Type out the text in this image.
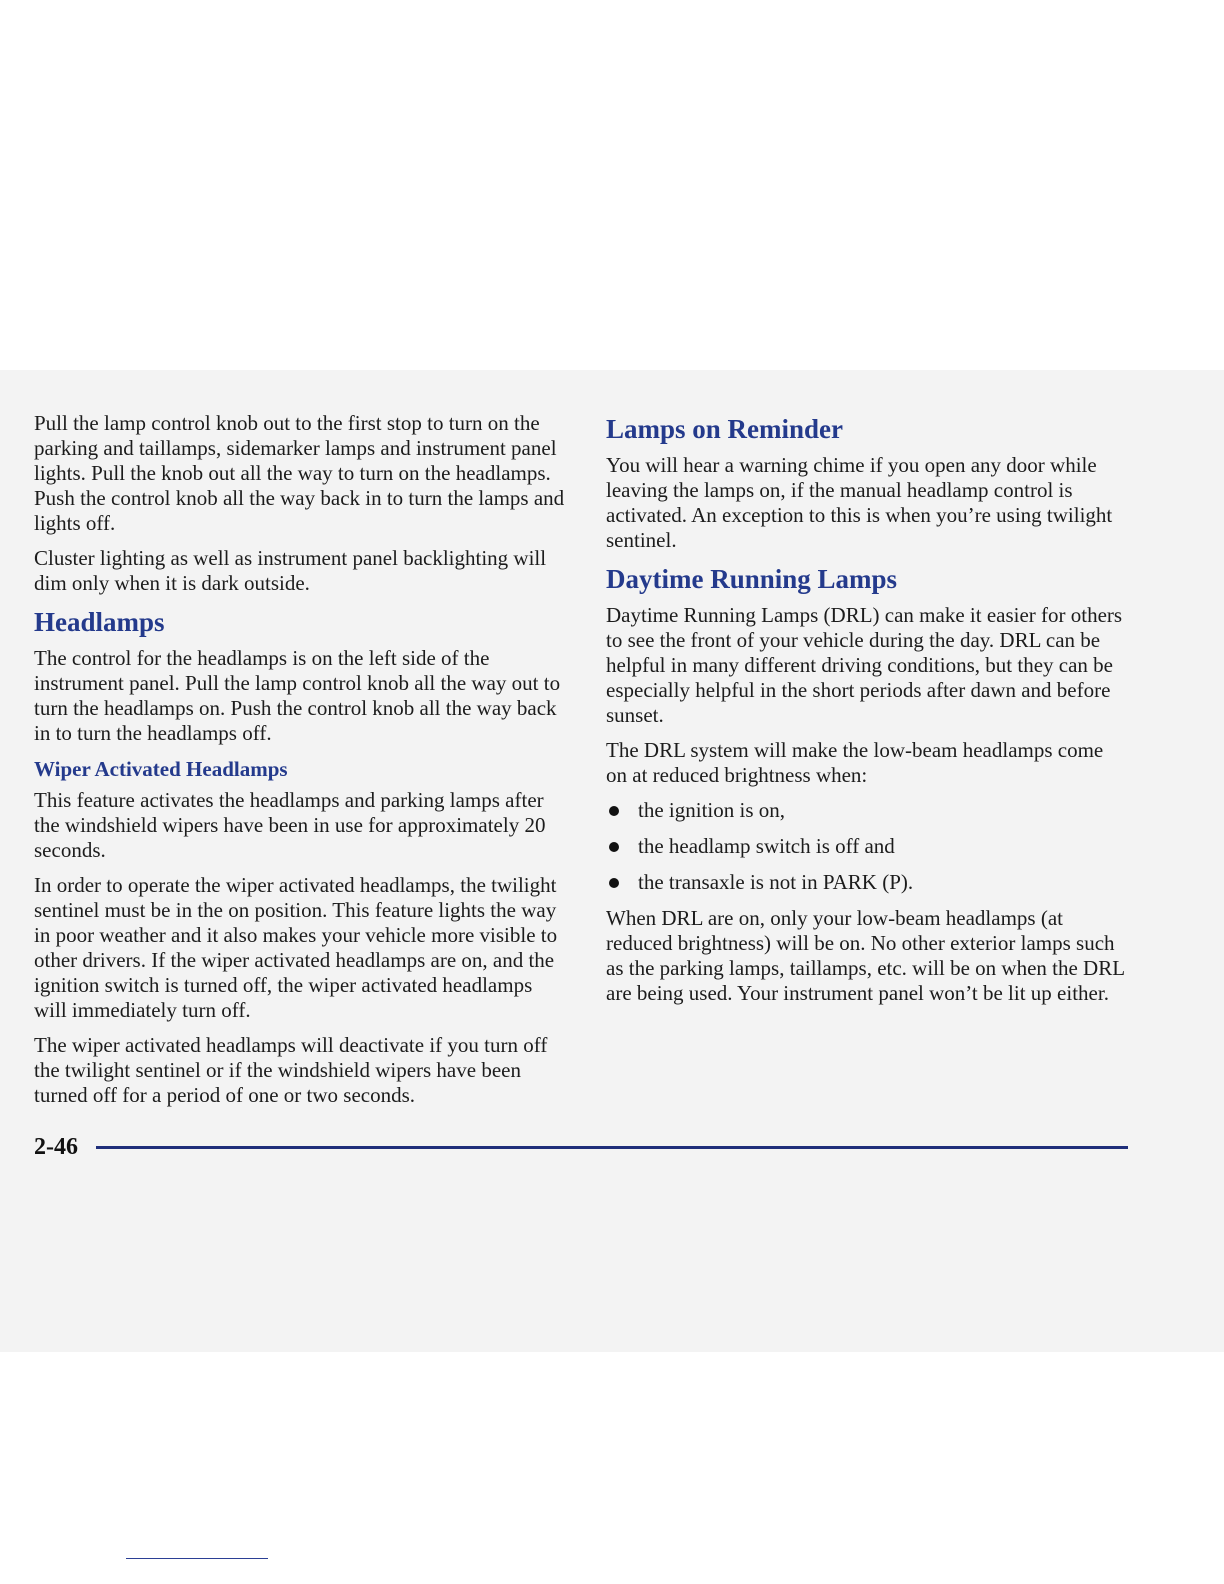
Pull the lamp control knob out to the first stop to turn on the parking and taillamps, sidemarker lamps and instrument panel lights. Pull the knob out all the way to turn on the headlamps. Push the control knob all the way back in to turn the lamps and lights off.

Cluster lighting as well as instrument panel backlighting will dim only when it is dark outside.

Headlamps

The control for the headlamps is on the left side of the instrument panel. Pull the lamp control knob all the way out to turn the headlamps on. Push the control knob all the way back in to turn the headlamps off.

Wiper Activated Headlamps

This feature activates the headlamps and parking lamps after the windshield wipers have been in use for approximately 20 seconds.

In order to operate the wiper activated headlamps, the twilight sentinel must be in the on position. This feature lights the way in poor weather and it also makes your vehicle more visible to other drivers. If the wiper activated headlamps are on, and the ignition switch is turned off, the wiper activated headlamps will immediately turn off.

The wiper activated headlamps will deactivate if you turn off the twilight sentinel or if the windshield wipers have been turned off for a period of one or two seconds.

Lamps on Reminder

You will hear a warning chime if you open any door while leaving the lamps on, if the manual headlamp control is activated. An exception to this is when you’re using twilight sentinel.

Daytime Running Lamps

Daytime Running Lamps (DRL) can make it easier for others to see the front of your vehicle during the day. DRL can be helpful in many different driving conditions, but they can be especially helpful in the short periods after dawn and before sunset.

The DRL system will make the low-beam headlamps come on at reduced brightness when:

the ignition is on,
the headlamp switch is off and
the transaxle is not in PARK (P).

When DRL are on, only your low-beam headlamps (at reduced brightness) will be on. No other exterior lamps such as the parking lamps, taillamps, etc. will be on when the DRL are being used. Your instrument panel won’t be lit up either.

2-46
